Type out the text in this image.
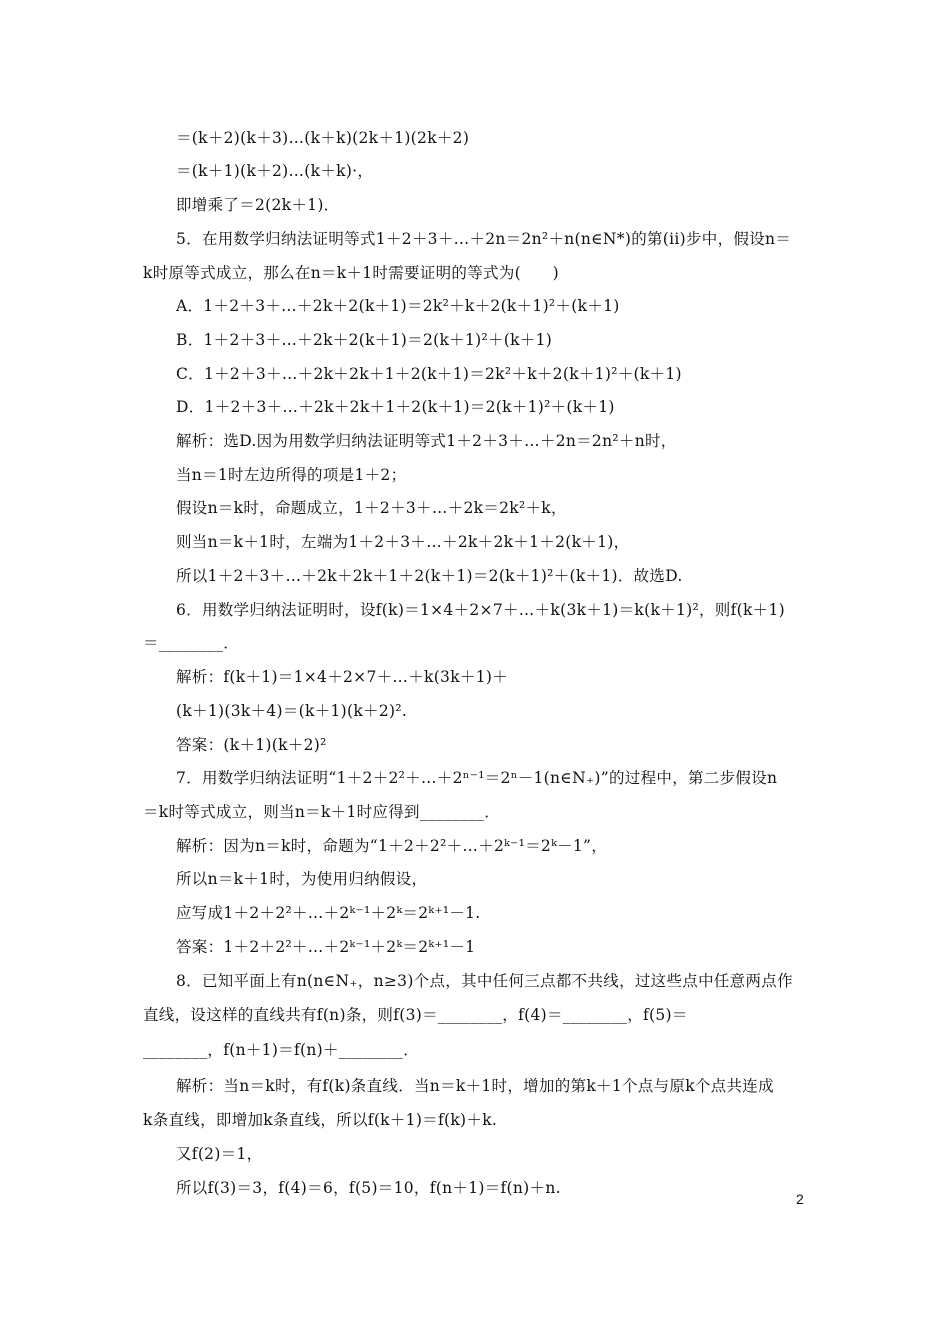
＝(k＋2)(k＋3)…(k＋k)(2k＋1)(2k＋2)
＝(k＋1)(k＋2)…(k＋k)·，
即增乘了＝2(2k＋1)．
5．在用数学归纳法证明等式1＋2＋3＋…＋2n＝2n²＋n(n∈N*)的第(ii)步中，假设n＝
k时原等式成立，那么在n＝k＋1时需要证明的等式为(　　)
A．1＋2＋3＋…＋2k＋2(k＋1)＝2k²＋k＋2(k＋1)²＋(k＋1)
B．1＋2＋3＋…＋2k＋2(k＋1)＝2(k＋1)²＋(k＋1)
C．1＋2＋3＋…＋2k＋2k＋1＋2(k＋1)＝2k²＋k＋2(k＋1)²＋(k＋1)
D．1＋2＋3＋…＋2k＋2k＋1＋2(k＋1)＝2(k＋1)²＋(k＋1)
解析：选D.因为用数学归纳法证明等式1＋2＋3＋…＋2n＝2n²＋n时，
当n＝1时左边所得的项是1＋2；
假设n＝k时，命题成立，1＋2＋3＋…＋2k＝2k²＋k，
则当n＝k＋1时，左端为1＋2＋3＋…＋2k＋2k＋1＋2(k＋1)，
所以1＋2＋3＋…＋2k＋2k＋1＋2(k＋1)＝2(k＋1)²＋(k＋1)．故选D.
6．用数学归纳法证明时，设f(k)＝1×4＋2×7＋…＋k(3k＋1)＝k(k＋1)²，则f(k＋1)
＝________．
解析：f(k＋1)＝1×4＋2×7＋…＋k(3k＋1)＋
(k＋1)(3k＋4)＝(k＋1)(k＋2)².
答案：(k＋1)(k＋2)²
7．用数学归纳法证明“1＋2＋2²＋…＋2ⁿ⁻¹＝2ⁿ－1(n∈N₊)”的过程中，第二步假设n
＝k时等式成立，则当n＝k＋1时应得到________．
解析：因为n＝k时，命题为“1＋2＋2²＋…＋2ᵏ⁻¹＝2ᵏ－1”，
所以n＝k＋1时，为使用归纳假设，
应写成1＋2＋2²＋…＋2ᵏ⁻¹＋2ᵏ＝2ᵏ⁺¹－1.
答案：1＋2＋2²＋…＋2ᵏ⁻¹＋2ᵏ＝2ᵏ⁺¹－1
8．已知平面上有n(n∈N₊，n≥3)个点，其中任何三点都不共线，过这些点中任意两点作
直线，设这样的直线共有f(n)条，则f(3)＝________，f(4)＝________，f(5)＝
________，f(n＋1)＝f(n)＋________．
解析：当n＝k时，有f(k)条直线．当n＝k＋1时，增加的第k＋1个点与原k个点共连成
k条直线，即增加k条直线，所以f(k＋1)＝f(k)＋k.
又f(2)＝1，
所以f(3)＝3，f(4)＝6，f(5)＝10，f(n＋1)＝f(n)＋n.
2
